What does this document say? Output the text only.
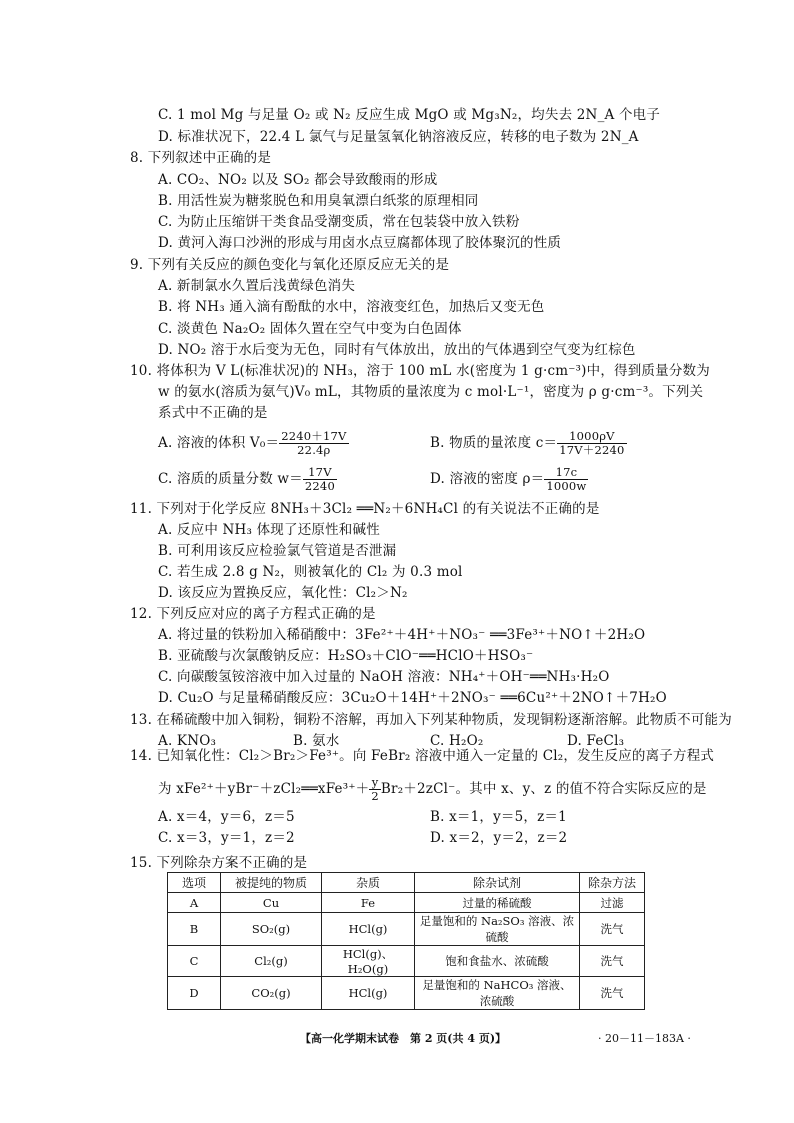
C. 1 mol Mg 与足量 O₂ 或 N₂ 反应生成 MgO 或 Mg₃N₂，均失去 2N_A 个电子
D. 标准状况下，22.4 L 氯气与足量氢氧化钠溶液反应，转移的电子数为 2N_A
8. 下列叙述中正确的是
A. CO₂、NO₂ 以及 SO₂ 都会导致酸雨的形成
B. 用活性炭为糖浆脱色和用臭氧漂白纸浆的原理相同
C. 为防止压缩饼干类食品受潮变质，常在包装袋中放入铁粉
D. 黄河入海口沙洲的形成与用卤水点豆腐都体现了胶体聚沉的性质
9. 下列有关反应的颜色变化与氧化还原反应无关的是
A. 新制氯水久置后浅黄绿色消失
B. 将 NH₃ 通入滴有酚酞的水中，溶液变红色，加热后又变无色
C. 淡黄色 Na₂O₂ 固体久置在空气中变为白色固体
D. NO₂ 溶于水后变为无色，同时有气体放出，放出的气体遇到空气变为红棕色
10. 将体积为 V L(标准状况)的 NH₃，溶于 100 mL 水(密度为 1 g·cm⁻³)中，得到质量分数为
w 的氨水(溶质为氨气)V₀ mL，其物质的量浓度为 c mol·L⁻¹，密度为 ρ g·cm⁻³。下列关
系式中不正确的是
11. 下列对于化学反应 8NH₃＋3Cl₂ ══N₂＋6NH₄Cl 的有关说法不正确的是
A. 反应中 NH₃ 体现了还原性和碱性
B. 可利用该反应检验氯气管道是否泄漏
C. 若生成 2.8 g N₂，则被氧化的 Cl₂ 为 0.3 mol
D. 该反应为置换反应，氧化性：Cl₂＞N₂
12. 下列反应对应的离子方程式正确的是
A. 将过量的铁粉加入稀硝酸中：3Fe²⁺＋4H⁺＋NO₃⁻ ══3Fe³⁺＋NO↑＋2H₂O
B. 亚硫酸与次氯酸钠反应：H₂SO₃＋ClO⁻══HClO＋HSO₃⁻
C. 向碳酸氢铵溶液中加入过量的 NaOH 溶液：NH₄⁺＋OH⁻══NH₃·H₂O
D. Cu₂O 与足量稀硝酸反应：3Cu₂O＋14H⁺＋2NO₃⁻ ══6Cu²⁺＋2NO↑＋7H₂O
13. 在稀硫酸中加入铜粉，铜粉不溶解，再加入下列某种物质，发现铜粉逐渐溶解。此物质不可能为
14. 已知氧化性：Cl₂＞Br₂＞Fe³⁺。向 FeBr₂ 溶液中通入一定量的 Cl₂，发生反应的离子方程式
15. 下列除杂方案不正确的是
A. 溶液的体积 $V_0= \frac{2240+17V}{22.4\rho}$	B. 物质的量浓度 $c= \frac{1000\rho V}{17V+2240}$
C. 溶质的质量分数 $w= \frac{17V}{2240}$	D. 溶液的密度 $\rho= \frac{17c}{1000w}$
A. KNO₃	B. 氨水	C. H₂O₂	D. FeCl₃
为 xFe²⁺＋yBr⁻＋zCl₂══xFe³⁺＋ $\frac{y}{2} Br_2+2zCl^-$。其中 x、y、z 的值不符合实际反应的是
A. x＝4，y＝6，z＝5	B. x＝1，y＝5，z＝1
C. x＝3，y＝1，z＝2	D. x＝2，y＝2，z＝2
选项	被提纯的物质	杂质	除杂试剂	除杂方法
A	Cu	Fe	过量的稀硫酸	过滤
B	SO₂(g)	HCl(g)	足量饱和的 Na₂SO₃ 溶液、浓硫酸	洗气
C	Cl₂(g)	HCl(g)、H₂O(g)	饱和食盐水、浓硫酸	洗气
D	CO₂(g)	HCl(g)	足量饱和的 NaHCO₃ 溶液、浓硫酸	洗气
【高一化学期末试卷　第 2 页(共 4 页)】	· 20－11－183A ·
